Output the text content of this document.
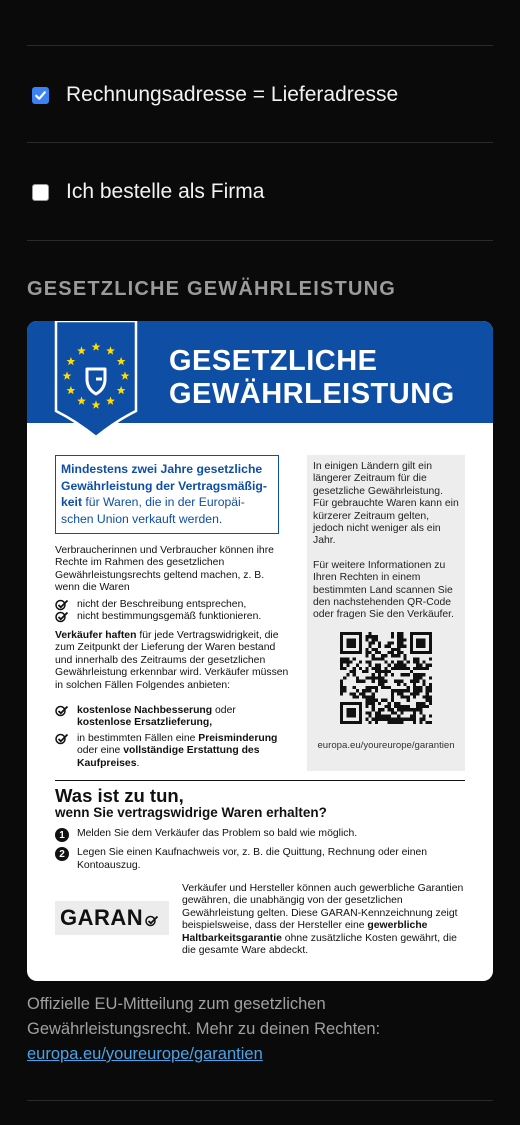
Rechnungsadresse = Lieferadresse
Ich bestelle als Firma
GESETZLICHE GEWÄHRLEISTUNG
GESETZLICHE
GEWÄHRLEISTUNG
Mindestens zwei Jahre gesetzliche Gewährleistung der Vertragsmäßig-keit für Waren, die in der Europäi-schen Union verkauft werden.
Verbraucherinnen und Verbraucher können ihre Rechte im Rahmen des gesetzlichen Gewährleistungsrechts geltend machen, z. B. wenn die Waren
nicht der Beschreibung entsprechen,
nicht bestimmungsgemäß funktionieren.
Verkäufer haften für jede Vertragswidrigkeit, die zum Zeitpunkt der Lieferung der Waren bestand und innerhalb des Zeitraums der gesetzlichen Gewährleistung erkennbar wird. Verkäufer müssen in solchen Fällen Folgendes anbieten:
kostenlose Nachbesserung oder
kostenlose Ersatzlieferung,
in bestimmten Fällen eine Preisminderung oder eine vollständige Erstattung des Kaufpreises.

In einigen Ländern gilt ein längerer Zeitraum für die gesetzliche Gewährleistung. Für gebrauchte Waren kann ein kürzerer Zeitraum gelten, jedoch nicht weniger als ein Jahr.

Für weitere Informationen zu Ihren Rechten in einem bestimmten Land scannen Sie den nachstehenden QR-Code oder fragen Sie den Verkäufer.

europa.eu/youreurope/garantien
Was ist zu tun,
wenn Sie vertragswidrige Waren erhalten?
1	Melden Sie dem Verkäufer das Problem so bald wie möglich.
2	Legen Sie einen Kaufnachweis vor, z. B. die Quittung, Rechnung oder einen Kontoauszug.
GARAN
Verkäufer und Hersteller können auch gewerbliche Garantien gewähren, die unabhängig von der gesetzlichen Gewährleistung gelten. Diese GARAN-Kennzeichnung zeigt beispielsweise, dass der Hersteller eine gewerbliche Haltbarkeitsgarantie ohne zusätzliche Kosten gewährt, die die gesamte Ware abdeckt.
Offizielle EU-Mitteilung zum gesetzlichen Gewährleistungsrecht. Mehr zu deinen Rechten:
europa.eu/youreurope/garantien
